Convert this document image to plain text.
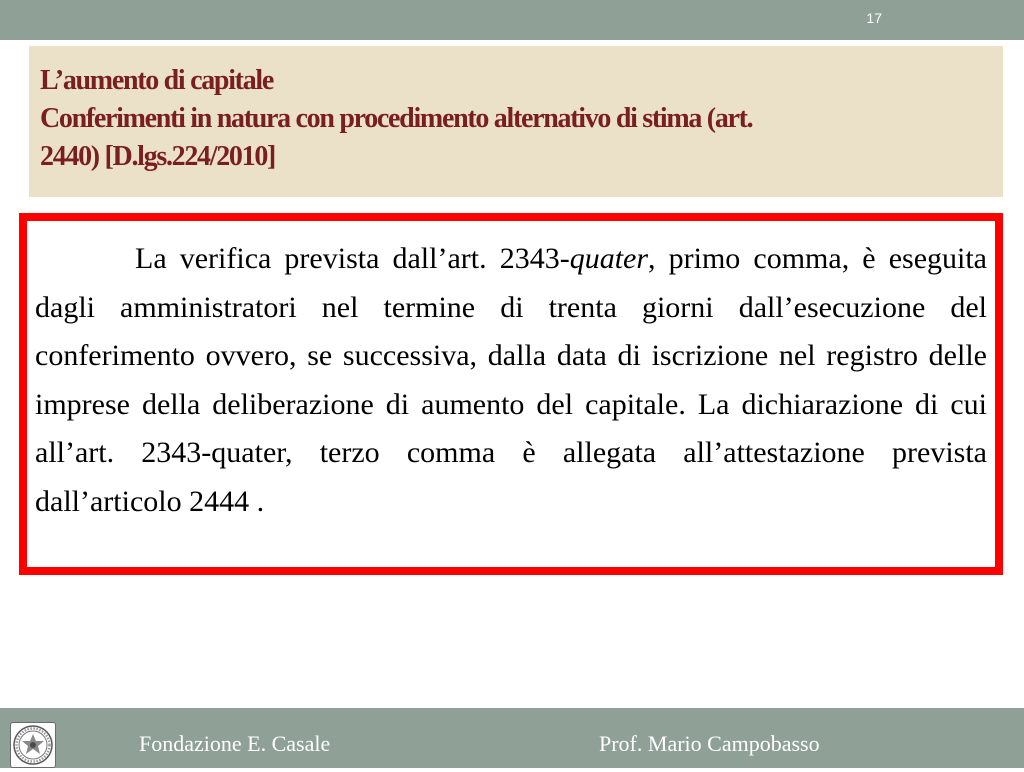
17
L’aumento di capitale
Conferimenti in natura con procedimento alternativo di stima (art.
2440) [D.lgs.224/2010]
La verifica prevista dall’art. 2343-quater, primo comma, è eseguita dagli amministratori nel termine di trenta giorni dall’esecuzione del conferimento ovvero, se successiva, dalla data di iscrizione nel registro delle imprese della deliberazione di aumento del capitale. La dichiarazione di cui all’art. 2343-quater, terzo comma è allegata all’attestazione prevista dall’articolo 2444 .
Fondazione E. Casale	Prof. Mario Campobasso
